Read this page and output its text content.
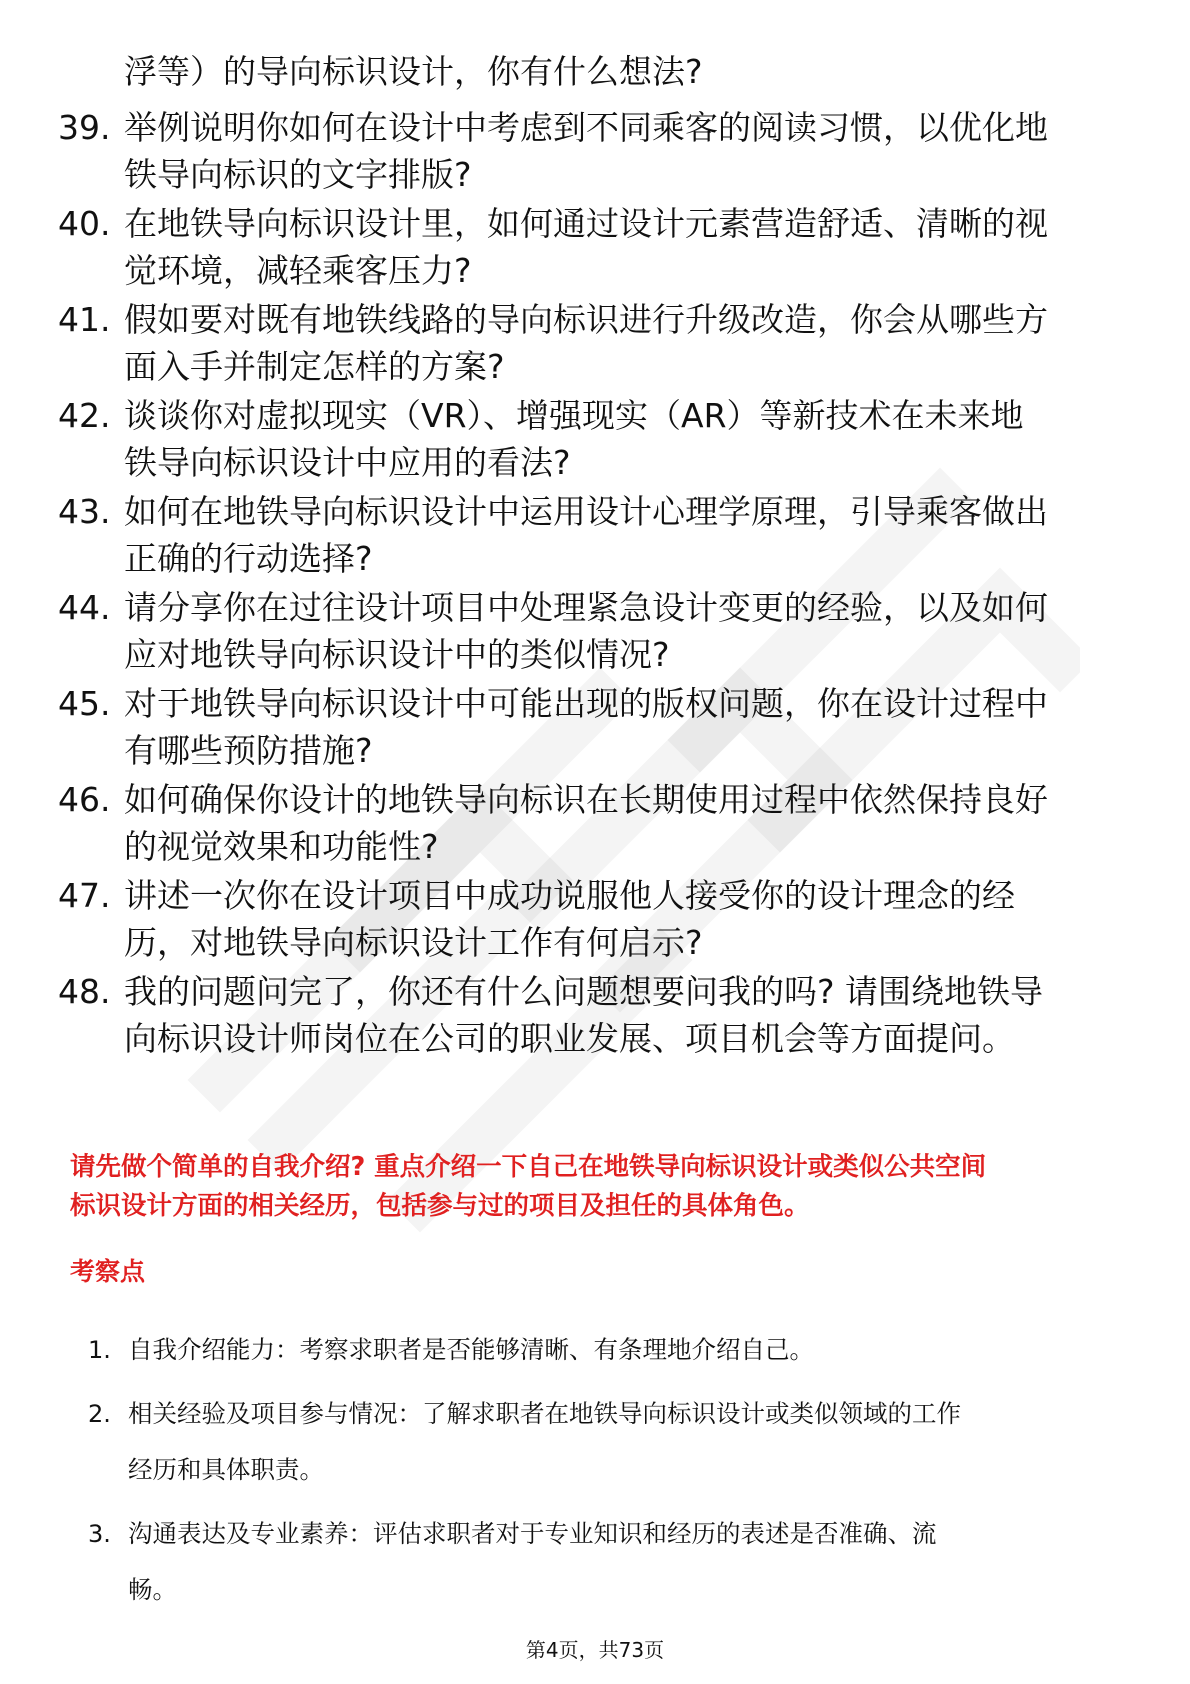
浮等）的导向标识设计，你有什么想法?
39. 举例说明你如何在设计中考虑到不同乘客的阅读习惯，以优化地
铁导向标识的文字排版?
40. 在地铁导向标识设计里，如何通过设计元素营造舒适、清晰的视
觉环境，减轻乘客压力?
41. 假如要对既有地铁线路的导向标识进行升级改造，你会从哪些方
面入手并制定怎样的方案?
42. 谈谈你对虚拟现实（VR）、增强现实（AR）等新技术在未来地
铁导向标识设计中应用的看法?
43. 如何在地铁导向标识设计中运用设计心理学原理，引导乘客做出
正确的行动选择?
44. 请分享你在过往设计项目中处理紧急设计变更的经验，以及如何
应对地铁导向标识设计中的类似情况?
45. 对于地铁导向标识设计中可能出现的版权问题，你在设计过程中
有哪些预防措施?
46. 如何确保你设计的地铁导向标识在长期使用过程中依然保持良好
的视觉效果和功能性?
47. 讲述一次你在设计项目中成功说服他人接受你的设计理念的经
历，对地铁导向标识设计工作有何启示?
48. 我的问题问完了，你还有什么问题想要问我的吗? 请围绕地铁导
向标识设计师岗位在公司的职业发展、项目机会等方面提问。
请先做个简单的自我介绍? 重点介绍一下自己在地铁导向标识设计或类似公共空间
标识设计方面的相关经历，包括参与过的项目及担任的具体角色。
考察点
1. 自我介绍能力：考察求职者是否能够清晰、有条理地介绍自己。
2. 相关经验及项目参与情况：了解求职者在地铁导向标识设计或类似领域的工作
经历和具体职责。
3. 沟通表达及专业素养：评估求职者对于专业知识和经历的表述是否准确、流
畅。
第4页，共73页
